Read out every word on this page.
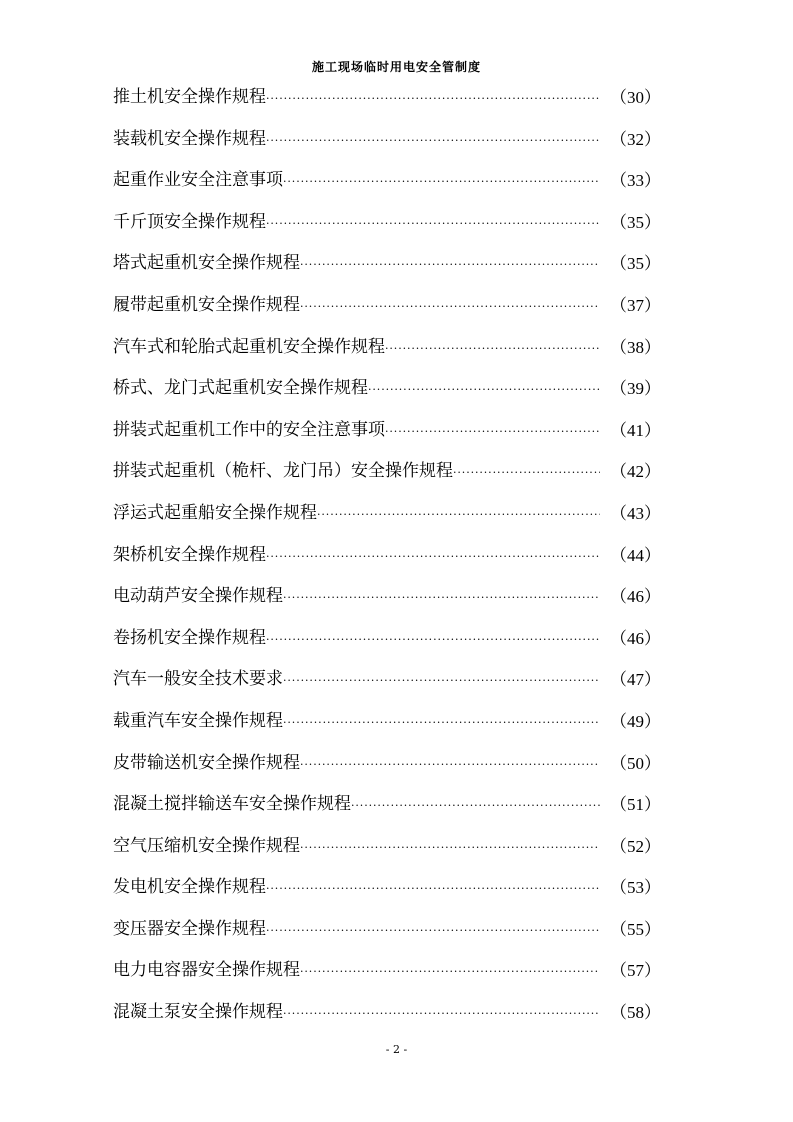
施工现场临时用电安全管制度
推土机安全操作规程 ·····	（30）
装载机安全操作规程 ·····	（32）
起重作业安全注意事项 ·····	（33）
千斤顶安全操作规程 ·····	（35）
塔式起重机安全操作规程 ·····	（35）
履带起重机安全操作规程 ·····	（37）
汽车式和轮胎式起重机安全操作规程 ·····	（38）
桥式、龙门式起重机安全操作规程 ·····	（39）
拼装式起重机工作中的安全注意事项 ·····	（41）
拼装式起重机（桅杆、龙门吊）安全操作规程 ·····	（42）
浮运式起重船安全操作规程 ·····	（43）
架桥机安全操作规程 ·····	（44）
电动葫芦安全操作规程 ·····	（46）
卷扬机安全操作规程 ·····	（46）
汽车一般安全技术要求 ·····	（47）
载重汽车安全操作规程 ·····	（49）
皮带输送机安全操作规程 ·····	（50）
混凝土搅拌输送车安全操作规程 ·····	（51）
空气压缩机安全操作规程 ·····	（52）
发电机安全操作规程 ·····	（53）
变压器安全操作规程 ·····	（55）
电力电容器安全操作规程 ·····	（57）
混凝土泵安全操作规程 ·····	（58）
- 2 -
